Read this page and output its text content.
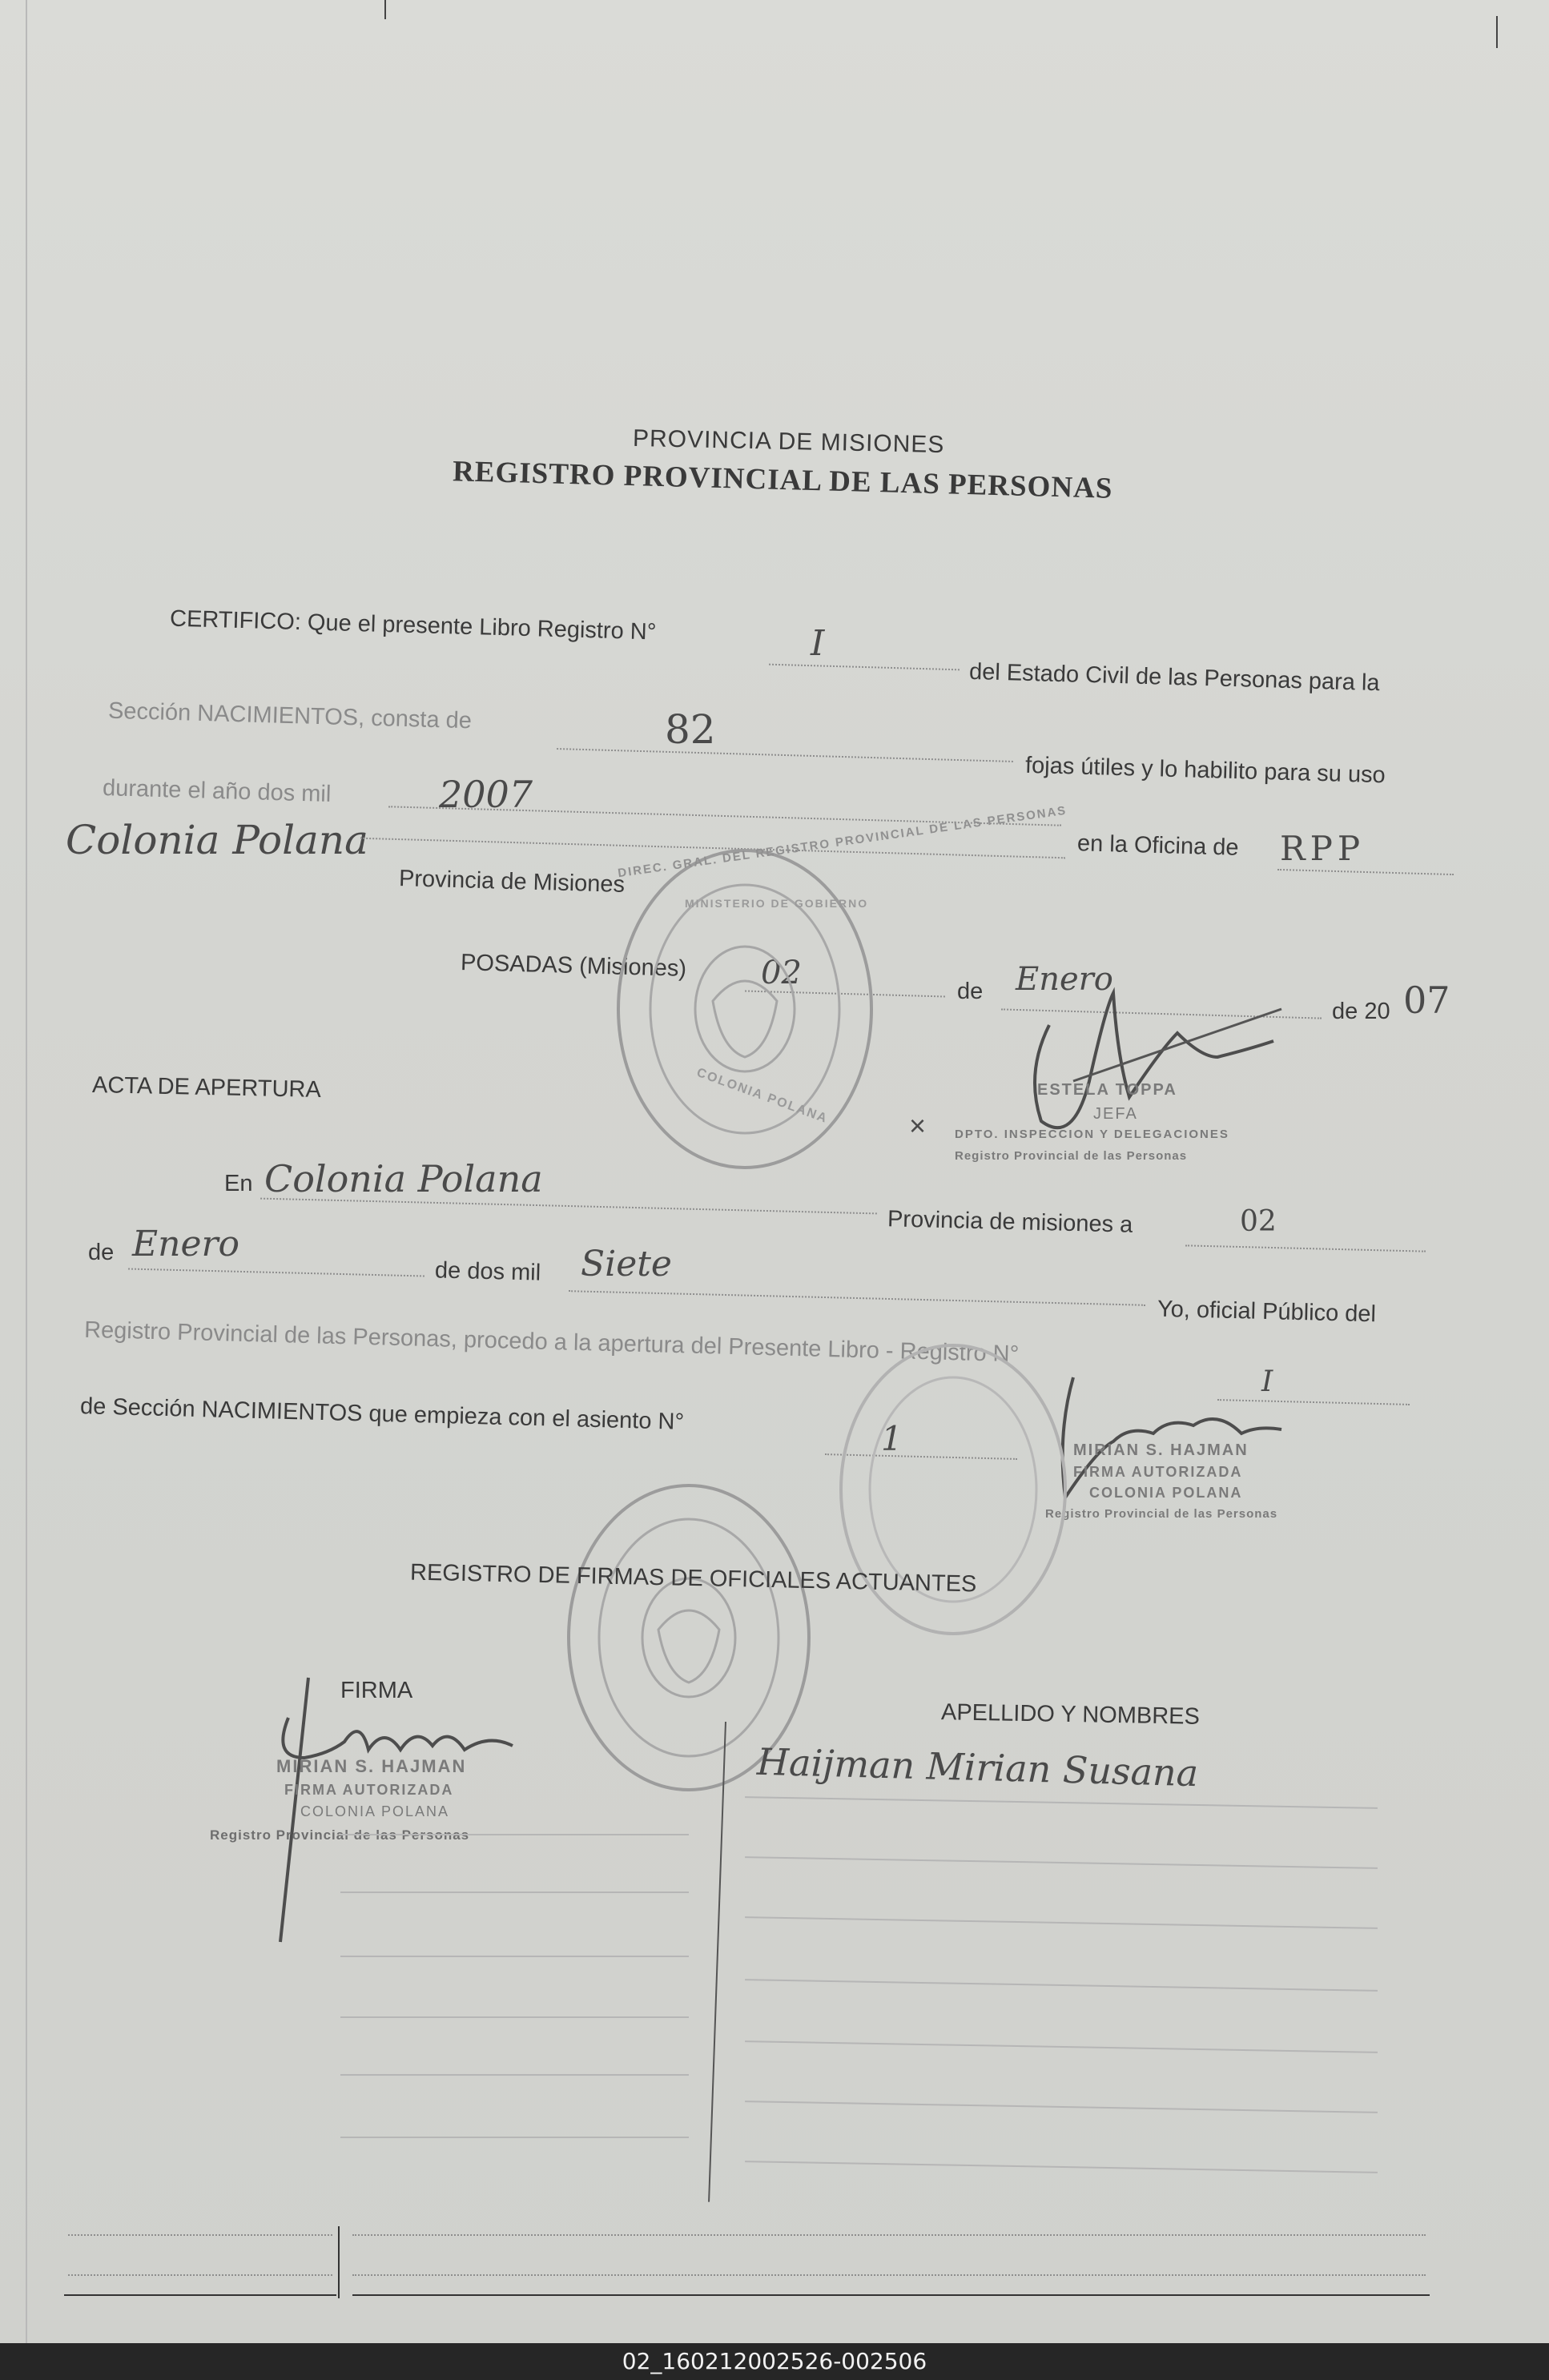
PROVINCIA DE MISIONES
REGISTRO PROVINCIAL DE LAS PERSONAS
CERTIFICO: Que el presente Libro Registro N°	I
del Estado Civil de las Personas para la
Sección NACIMIENTOS, consta de	82
fojas útiles y lo habilito para su uso
durante el año dos mil	2007
Colonia Polana	en la Oficina de RPP
Provincia de Misiones
POSADAS (Misiones) 02	de Enero
de 20 07
DIREC. GRAL. DEL REGISTRO PROVINCIAL DE LAS PERSONAS
MINISTERIO DE GOBIERNO
COLONIA POLANA	ESTELA TOPPA
JEFA
DPTO. INSPECCION Y DELEGACIONES
Registro Provincial de las Personas
×
ACTA DE APERTURA
En Colonia Polana
Provincia de misiones a	02
de Enero
de dos mil Siete
Yo, oficial Público del
Registro Provincial de las Personas, procedo a la apertura del Presente Libro - Registro N°
I
de Sección NACIMIENTOS que empieza con el asiento N°
1	MIRIAN S. HAJMAN
FIRMA AUTORIZADA
COLONIA POLANA
Registro Provincial de las Personas
REGISTRO DE FIRMAS DE OFICIALES ACTUANTES
FIRMA
APELLIDO Y NOMBRES
MIRIAN S. HAJMAN
FIRMA AUTORIZADA
COLONIA POLANA
Registro Provincial de las Personas
Haijman Mirian Susana
02_160212002526-002506
